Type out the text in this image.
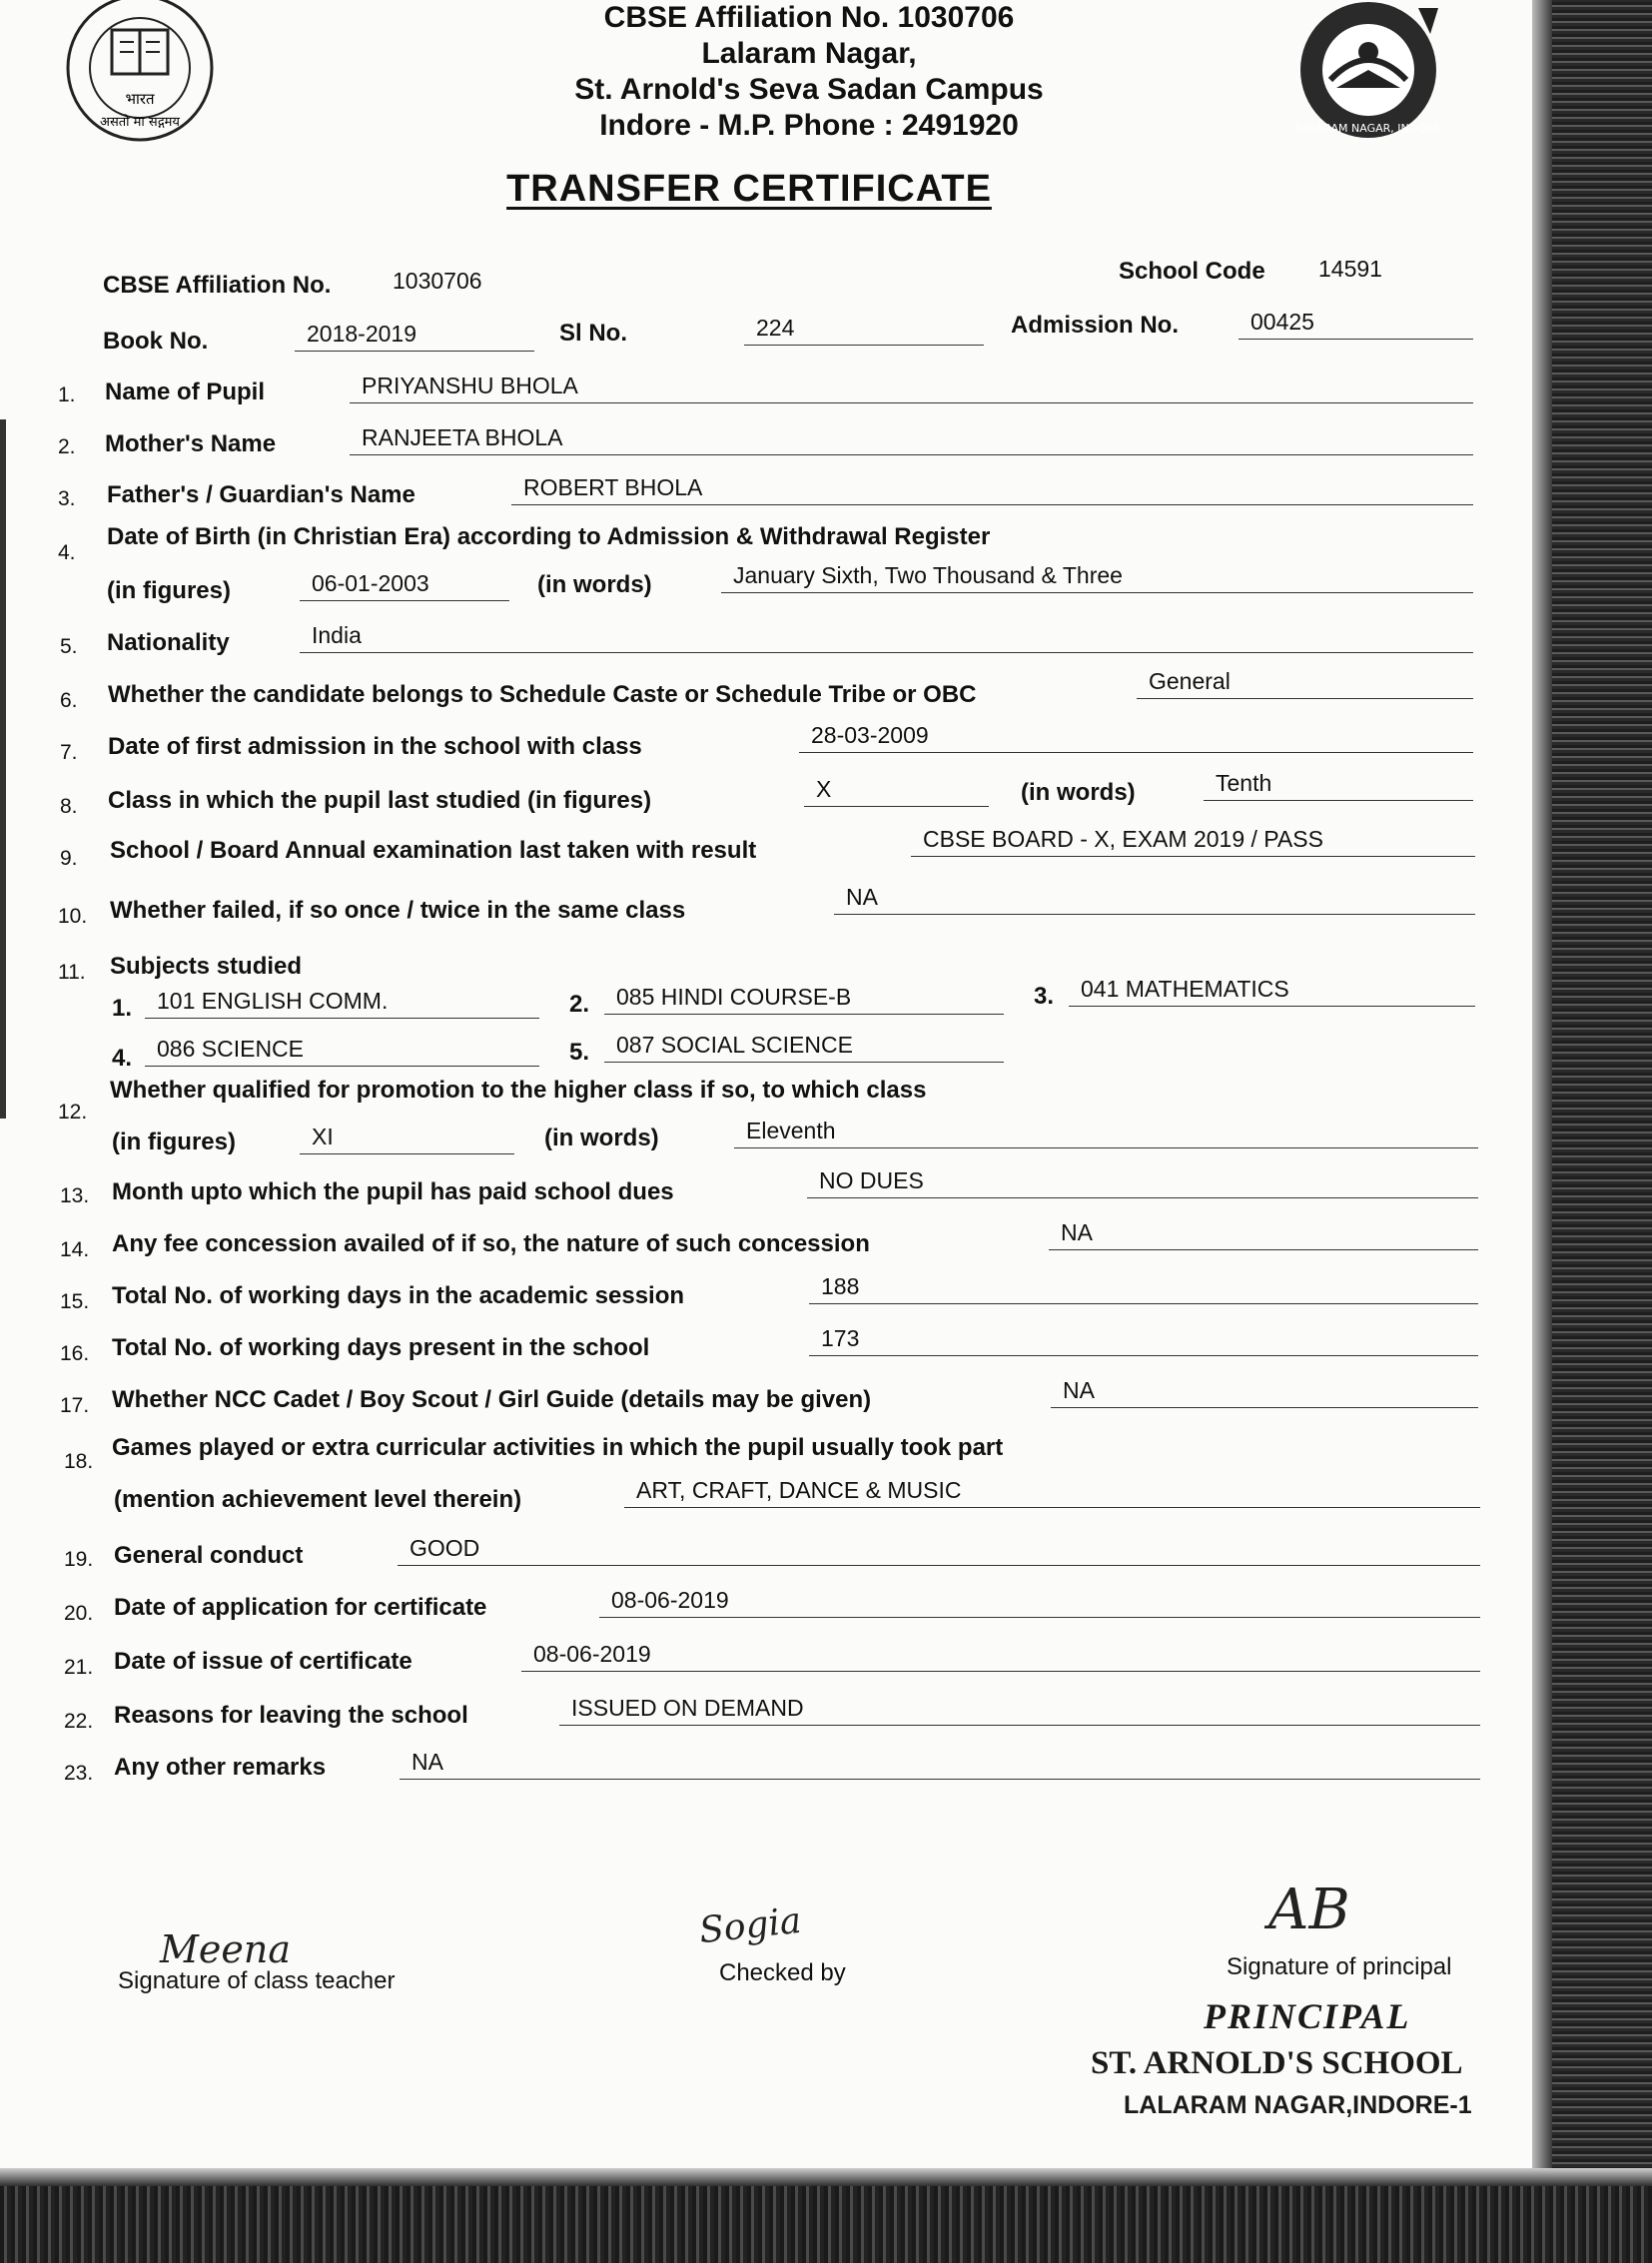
भारत
असतो मा सद्गमय	LALARAM NAGAR, INDORE
CBSE Affiliation No. 1030706
Lalaram Nagar,
St. Arnold's Seva Sadan Campus
Indore - M.P. Phone : 2491920
TRANSFER CERTIFICATE
CBSE Affiliation No.	1030706	School Code 14591
Book No.	2018-2019	Sl No.	224	Admission No.	00425
1. Name of Pupil	PRIYANSHU BHOLA
2. Mother's Name	RANJEETA BHOLA
3. Father's / Guardian's Name	ROBERT BHOLA
4.
Date of Birth (in Christian Era) according to Admission & Withdrawal Register
(in figures)	06-01-2003	(in words)	January Sixth, Two Thousand & Three
5. Nationality	India
6. Whether the candidate belongs to Schedule Caste or Schedule Tribe or OBC	General
7. Date of first admission in the school with class	28-03-2009
8. Class in which the pupil last studied (in figures)	X	(in words)	Tenth
9. School / Board Annual examination last taken with result	CBSE BOARD - X, EXAM 2019 / PASS
10. Whether failed, if so once / twice in the same class	NA
11. Subjects studied
1.	101 ENGLISH COMM.	2.	085 HINDI COURSE-B	3.	041 MATHEMATICS
4.	086 SCIENCE	5.	087 SOCIAL SCIENCE
12.
Whether qualified for promotion to the higher class if so, to which class
(in figures)	XI	(in words)	Eleventh
13. Month upto which the pupil has paid school dues	NO DUES
14. Any fee concession availed of if so, the nature of such concession	NA
15. Total No. of working days in the academic session	188
16. Total No. of working days present in the school	173
17. Whether NCC Cadet / Boy Scout / Girl Guide (details may be given)	NA
18.
Games played or extra curricular activities in which the pupil usually took part
(mention achievement level therein)	ART, CRAFT, DANCE & MUSIC
19. General conduct	GOOD
20. Date of application for certificate	08-06-2019
21. Date of issue of certificate	08-06-2019
22. Reasons for leaving the school	ISSUED ON DEMAND
23. Any other remarks	NA
Meena
Signature of class teacher
Sogia
Checked by
AB
Signature of principal
PRINCIPAL
ST. ARNOLD'S SCHOOL
LALARAM NAGAR,INDORE-1
